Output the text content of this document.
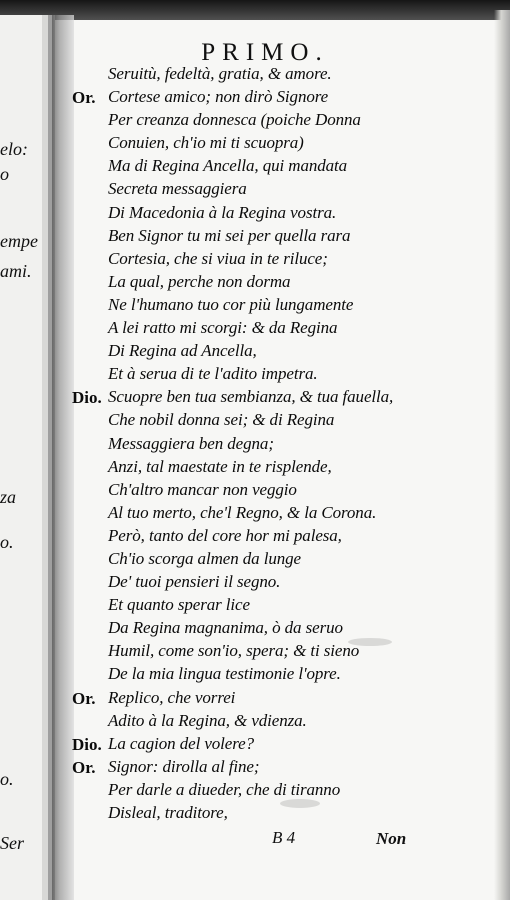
elo:
o
empe
ami.
za
o.
o.
Ser
PRIMO.
Seruitù, fedeltà, gratia, & amore.
Or. Cortese amico; non dirò Signore
Per creanza donnesca (poiche Donna
Conuien, ch'io mi ti scuopra)
Ma di Regina Ancella, qui mandata
Secreta messaggiera
Di Macedonia à la Regina vostra.
Ben Signor tu mi sei per quella rara
Cortesia, che si viua in te riluce;
La qual, perche non dorma
Ne l'humano tuo cor più lungamente
A lei ratto mi scorgi: & da Regina
Di Regina ad Ancella,
Et à serua di te l'adito impetra.
Dio. Scuopre ben tua sembianza, & tua fauella,
Che nobil donna sei; & di Regina
Messaggiera ben degna;
Anzi, tal maestate in te risplende,
Ch'altro mancar non veggio
Al tuo merto, che'l Regno, & la Corona.
Però, tanto del core hor mi palesa,
Ch'io scorga almen da lunge
De' tuoi pensieri il segno.
Et quanto sperar lice
Da Regina magnanima, ò da seruo
Humil, come son'io, spera; & ti sieno
De la mia lingua testimonie l'opre.
Or. Replico, che vorrei
Adito à la Regina, & vdienza.
Dio. La cagion del volere?
Or. Signor: dirolla al fine;
Per darle a diueder, che di tiranno
Disleal, traditore,
B 4	Non
